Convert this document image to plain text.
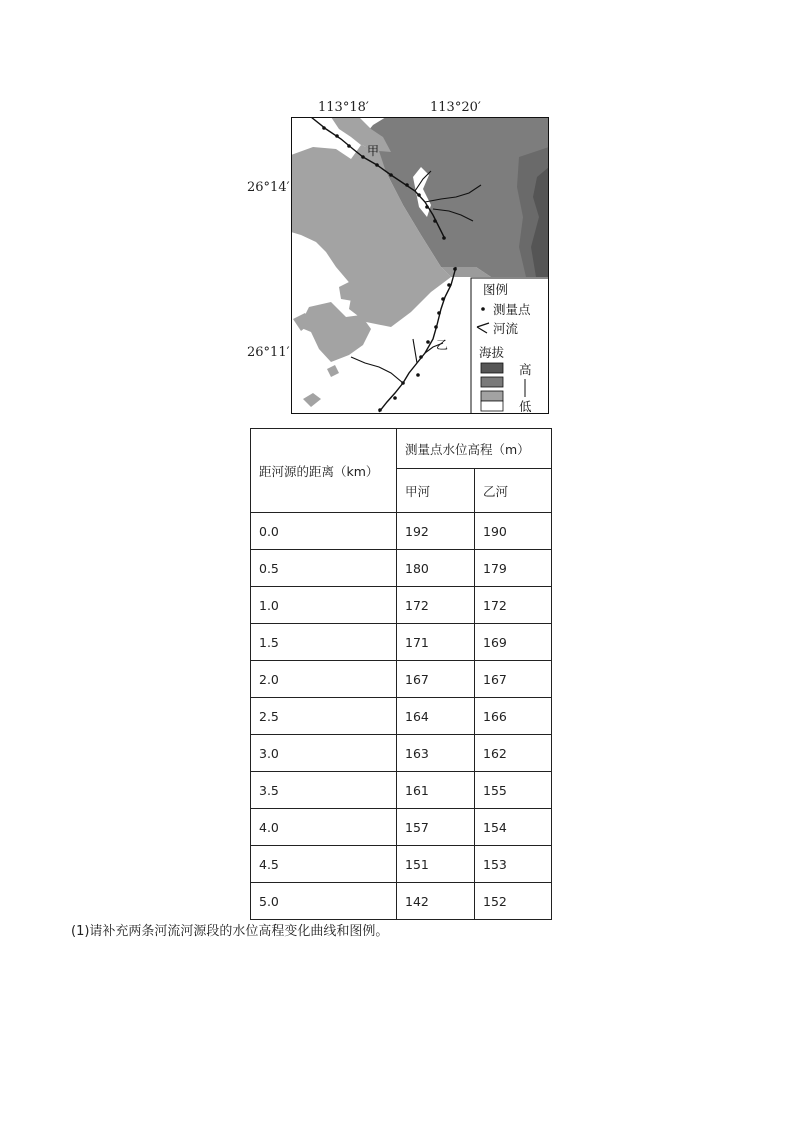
113°18′	113°20′
26°14′
26°11′
甲
乙
图例
测量点
河流
海拔
高
低
距河源的距离（km）	测量点水位高程（m）	
	甲河	乙河
0.0	192	190
0.5	180	179
1.0	172	172
1.5	171	169
2.0	167	167
2.5	164	166
3.0	163	162
3.5	161	155
4.0	157	154
4.5	151	153
5.0	142	152
(1)请补充两条河流河源段的水位高程变化曲线和图例。
